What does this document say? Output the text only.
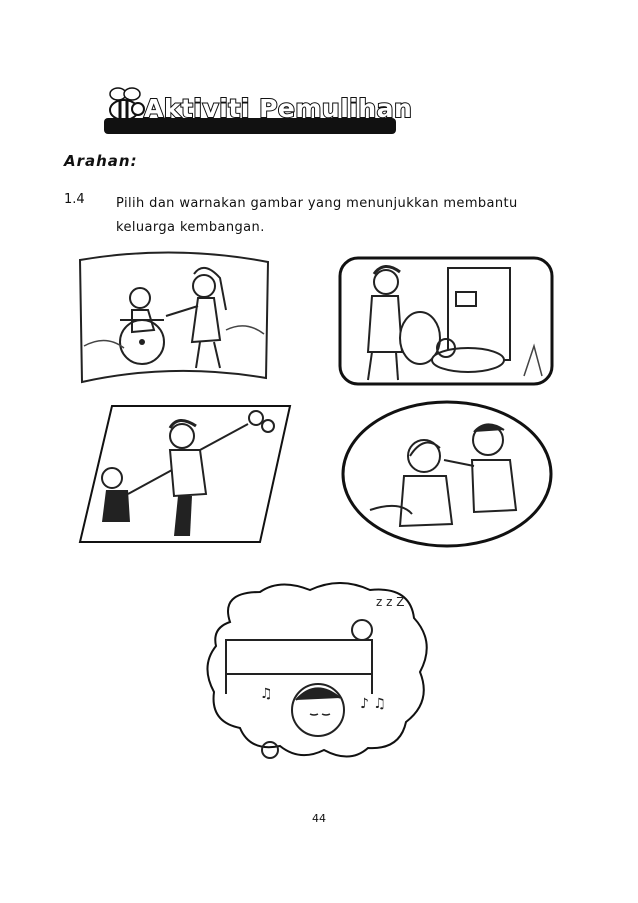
Aktiviti Pemulihan
Arahan:
1.4 Pilih dan warnakan gambar yang menunjukkan membantu keluarga kembangan.
z z Z
♪ ♫
♫
44
